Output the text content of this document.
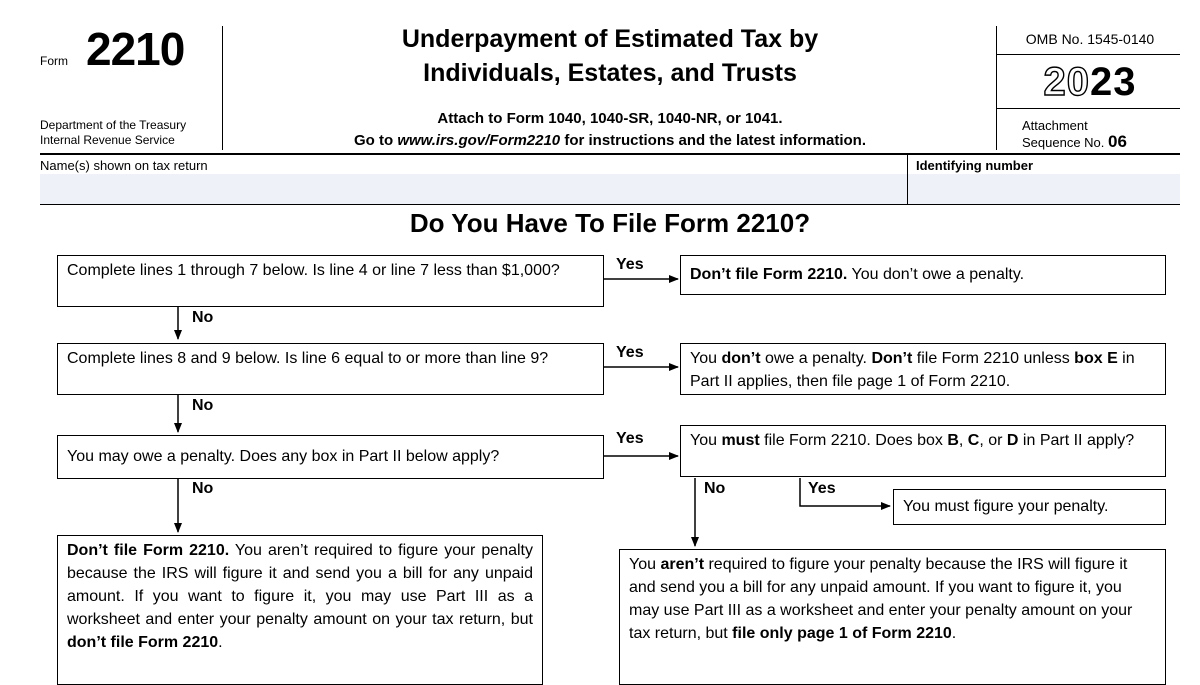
Form 2210
Department of the Treasury
Internal Revenue Service
Underpayment of Estimated Tax by
Individuals, Estates, and Trusts
Attach to Form 1040, 1040-SR, 1040-NR, or 1041.
Go to www.irs.gov/Form2210 for instructions and the latest information.
OMB No. 1545-0140
2023
Attachment
Sequence No. 06
Name(s) shown on tax return	Identifying number
Do You Have To File Form 2210?
Complete lines 1 through 7 below. Is line 4 or line 7 less than $1,000?	Yes
No
Don’t file Form 2210. You don’t owe a penalty.
Complete lines 8 and 9 below. Is line 6 equal to or more than line 9?	Yes
No
You don’t owe a penalty. Don’t file Form 2210 unless box E in Part II applies, then file page 1 of Form 2210.
You may owe a penalty. Does any box in Part II below apply?
Yes
No
You must file Form 2210. Does box B, C, or D in Part II apply?
No	Yes
You must figure your penalty.
Don’t file Form 2210. You aren’t required to figure your penalty because the IRS will figure it and send you a bill for any unpaid amount. If you want to figure it, you may use Part III as a worksheet and enter your penalty amount on your tax return, but don’t file Form 2210.
You aren’t required to figure your penalty because the IRS will figure it and send you a bill for any unpaid amount. If you want to figure it, you may use Part III as a worksheet and enter your penalty amount on your tax return, but file only page 1 of Form 2210.
